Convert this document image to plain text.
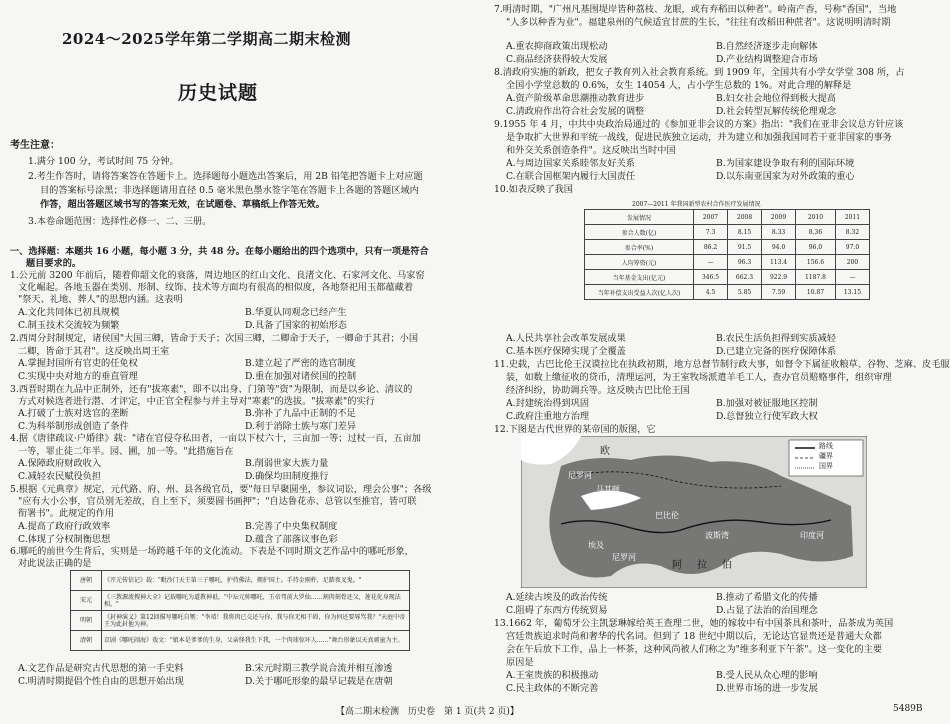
2024～2025学年第二学期高二期末检测
历史试题
考生注意：
1.满分 100 分，考试时间 75 分钟。
2.考生作答时，请将答案答在答题卡上。选择题每小题选出答案后，用 2B 铅笔把答题卡上对应题
目的答案标号涂黑；非选择题请用直径 0.5 毫米黑色墨水签字笔在答题卡上各题的答题区域内
作答，超出答题区域书写的答案无效，在试题卷、草稿纸上作答无效。
3.本卷命题范围：选择性必修一、二、三册。
一、选择题：本题共 16 小题，每小题 3 分，共 48 分。在每小题给出的四个选项中，只有一项是符合
题目要求的。
1.公元前 3200 年前后，随着仰韶文化的衰落，周边地区的红山文化、良渚文化、石家河文化、马家窑
文化崛起。各地玉器在类别、形制、纹饰、技术等方面均有很高的相似度，各地祭祀用玉都蕴藏着
"祭天、礼地、葬人"的思想内涵。这表明
A.文化共同体已初具规模	B.华夏认同观念已经产生
C.制玉技术交流较为频繁	D.具备了国家的初始形态
2.西周分封制规定，诸侯国"大国三卿，皆命于天子；次国三卿，二卿命于天子，一卿命于其君；小国
二卿，皆命于其君"。这反映出周王室
A.掌握封国所有官吏的任免权	B.建立起了严密的选官制度
C.实现中央对地方的垂直管理	D.重在加强对诸侯国的控制
3.西晋时期在九品中正制外，还有"拔寒素"，即不以出身、门第等"资"为限制，而是以乡论、清议的
方式对候选者进行潜、才评定，中正官全程参与并主导对"寒素"的选拔。"拔寒素"的实行
A.打破了士族对选官的垄断	B.弥补了九品中正制的不足
C.为科举制形成创造了条件	D.利于消除士族与寒门差异
4.据《唐律疏议·户婚律》载："诸在官侵夺私田者，一亩以下杖六十，三亩加一等；过杖一百，五亩加
一等，罪止徒二年半。园、圃，加一等。"此措施旨在
A.保障政府财政收入	B.削弱世家大族力量
C.减轻农民赋役负担	D.确保均田制度推行
5.根据《元典章》规定，元代路、府、州、县各级官员，要"每日早聚圆坐，参议词讼，理会公事"；各级
"应有大小公事，官员别无差故，自上至下，须要圆书画押"；"自达鲁花赤、总管以至推官，皆可联
衔署书"。此规定的作用
A.提高了政府行政效率	B.完善了中央集权制度
C.体现了分权制衡思想	D.蕴含了部落议事色彩
6.哪吒的前世今生背后，实则是一场跨越千年的文化流动。下表是不同时期文艺作品中的哪吒形象，
对此说法正确的是
唐朝	《开元传信记》载："毗沙门天王第三子哪吒，护持佛法，拥护国土。手持金刚杵，足踏夜叉鬼。"
宋元	《三教源流搜神大全》记载哪吒为道教神祇，"中坛元帅哪吒，玉帝驾前大罗仙……割肉刻骨还父，莲花化身现法相。"
明朝	《封神演义》第12回描写哪吒自刎："李靖！我将肉已交还与你，我与你无相干碍，你为何还要辱骂我？"天庭中帝王为此封他为神。
清朝	京剧《哪吒闹海》戏文："娘本是爹爹的生身，父亲怪我生下我，一个肉球惊坏人……"舞台形象以天真顽童为主。
A.文艺作品是研究古代思想的第一手史料	B.宋元时期三教学说合流并相互渗透
C.明清时期提倡个性自由的思想开始出现	D.关于哪吒形象的最早记载是在唐朝
7.明清时期，"广州凡基围堤岸皆种荔枝、龙眼，或有弃稻田以种者"。岭南产香，号称"香国"，当地
"人多以种香为业"。福建泉州的气候适宜甘蔗的生长，"往往有改稻田种蔗者"。这说明明清时期
A.重农抑商政策出现松动	B.自然经济逐步走向解体
C.商品经济获得较大发展	D.产业结构调整迎合市场
8.清政府实施的新政，把女子教育列入社会教育系统。到 1909 年，全国共有小学女学堂 308 所，占
全国小学堂总数的 0.6%，女生 14054 人，占小学生总数的 1%。对此合理的解释是
A.资产阶级革命思潮推动教育进步	B.妇女社会地位得到极大提高
C.清政府作出符合社会发展的调整	D.社会转型瓦解传统伦理观念
9.1955 年 4 月，中共中央政治局通过的《参加亚非会议的方案》指出："我们在亚非会议总方针应该
是争取扩大世界和平统一战线，促进民族独立运动，并为建立和加强我国同若干亚非国家的事务
和外交关系创造条件"。这反映出当时中国
A.与周边国家关系睦邻友好关系	B.为国家建设争取有利的国际环境
C.在联合国框架内履行大国责任	D.以东南亚国家为对外政策的重心
10.如表反映了我国
2007—2011 年我国新型农村合作医疗发展情况
发展情况	2007	2008	2009	2010	2011
参合人数(亿)	7.3	8.15	8.33	8.36	8.32
参合率(%)	86.2	91.5	94.0	96.0	97.0
人均筹资(元)	—	96.3	113.4	156.6	200
当年基金支出(亿元)	346.5	662.3	922.9	1187.8	—
当年补偿支出受益人次(亿人次)	4.5	5.85	7.59	10.87	13.15
A.人民共享社会改革发展成果	B.农民生活负担得到实质减轻
C.基本医疗保障实现了全覆盖	D.已建立完备的医疗保障体系
11.史载，古巴比伦王汉谟拉比在执政初期，地方总督节制行政大事，如督令下属征收粮草、谷物、芝麻、皮毛服
装，如数上缴征收的贷币，清理运河，为王室牧场派遣羊毛工人，查办官员赔赂事件，组织审理
经济纠纷，协助调兵等。这反映古巴比伦王国
A.封建统治得到巩固	B.加强对被征服地区控制
C.政府注重地方治理	D.总督独立行使军政大权
12.下图是古代世界的某帝国的版图，它
路线
疆界
国界
欧
尼罗河
马其顿
巴比伦
埃及
尼罗河
阿 拉 伯
波斯湾	印度河
A.延续古埃及的政治传统	B.推动了希腊文化的传播
C.阻碍了东西方传统贸易	D.占显了法治的治国理念
13.1662 年，葡萄牙公主凯瑟琳嫁给英王查理二世，她的嫁妆中有中国茶具和茶叶，品茶成为英国
宫廷贵族追求时尚和奢华的代名词。但到了 18 世纪中期以后，无论达官显贵还是普通大众都
会在午后放下工作，品上一杯茶，这种风尚被人们称之为"维多利亚下午茶"。这一变化的主要
原因是
A.王室贵族的积极推动	B.受人民从众心理的影响
C.民主政体的不断完善	D.世界市场的进一步发展
【高二期末检测　历史卷　第 1 页(共 2 页)】	5489B
